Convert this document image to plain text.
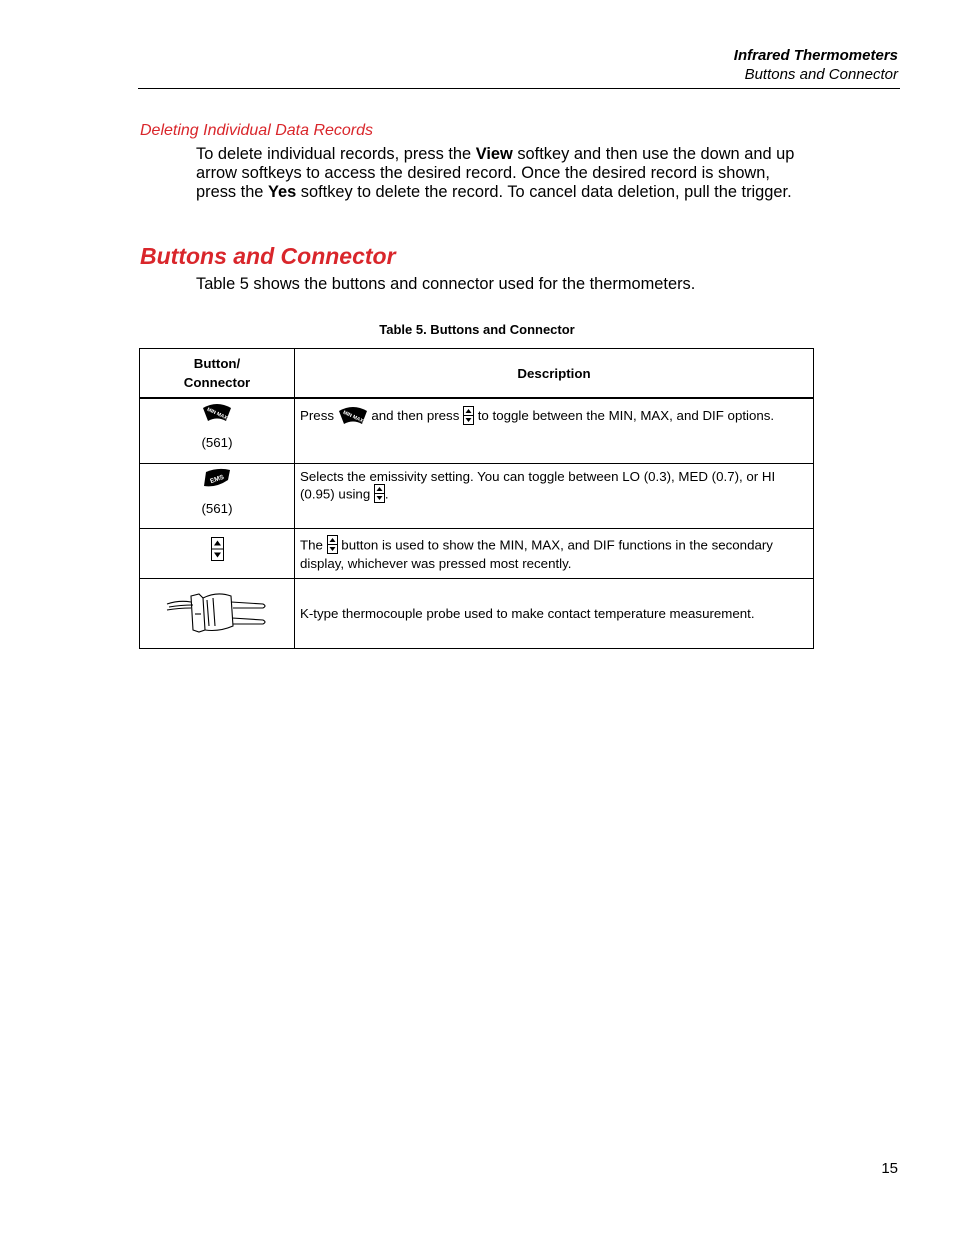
Infrared Thermometers
Buttons and Connector
Deleting Individual Data Records
To delete individual records, press the View softkey and then use the down and up arrow softkeys to access the desired record. Once the desired record is shown, press the Yes softkey to delete the record. To cancel data deletion, pull the trigger.
Buttons and Connector
Table 5 shows the buttons and connector used for the thermometers.
Table 5. Buttons and Connector
Button/
Connector	Description

MIN MAX
(561)	Press MIN MAX and then press  to toggle between the MIN, MAX, and DIF options.

EMS
(561)	Selects the emissivity setting. You can toggle between LO (0.3), MED (0.7), or HI (0.95) using .
	The  button is used to show the MIN, MAX, and DIF functions in the secondary display, whichever was pressed most recently.
	K-type thermocouple probe used to make contact temperature measurement.
15
